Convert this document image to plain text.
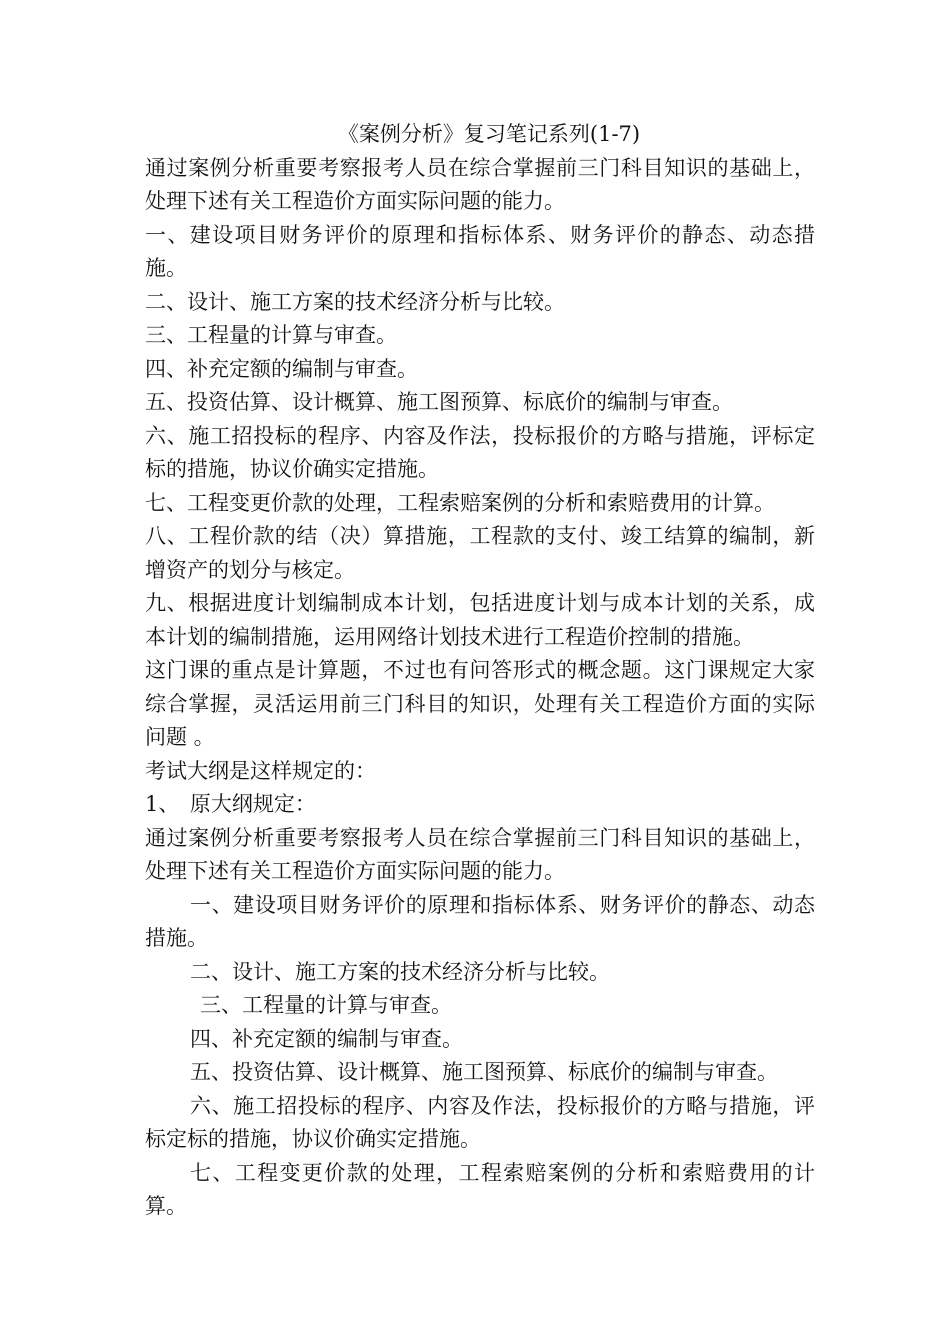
《案例分析》复习笔记系列(1-7)

通过案例分析重要考察报考人员在综合掌握前三门科目知识的基础上，处理下述有关工程造价方面实际问题的能力。

一、建设项目财务评价的原理和指标体系、财务评价的静态、动态措施。

二、设计、施工方案的技术经济分析与比较。

三、工程量的计算与审查。

四、补充定额的编制与审查。

五、投资估算、设计概算、施工图预算、标底价的编制与审查。

六、施工招投标的程序、内容及作法，投标报价的方略与措施，评标定标的措施，协议价确实定措施。

七、工程变更价款的处理，工程索赔案例的分析和索赔费用的计算。

八、工程价款的结（决）算措施，工程款的支付、竣工结算的编制，新增资产的划分与核定。

九、根据进度计划编制成本计划，包括进度计划与成本计划的关系，成本计划的编制措施，运用网络计划技术进行工程造价控制的措施。

这门课的重点是计算题，不过也有问答形式的概念题。这门课规定大家综合掌握，灵活运用前三门科目的知识，处理有关工程造价方面的实际问题 。

考试大纲是这样规定的：

1、　原大纲规定：

通过案例分析重要考察报考人员在综合掌握前三门科目知识的基础上，处理下述有关工程造价方面实际问题的能力。

一、建设项目财务评价的原理和指标体系、财务评价的静态、动态措施。

二、设计、施工方案的技术经济分析与比较。

三、工程量的计算与审查。

四、补充定额的编制与审查。

五、投资估算、设计概算、施工图预算、标底价的编制与审查。

六、施工招投标的程序、内容及作法，投标报价的方略与措施，评标定标的措施，协议价确实定措施。

七、工程变更价款的处理，工程索赔案例的分析和索赔费用的计算。
